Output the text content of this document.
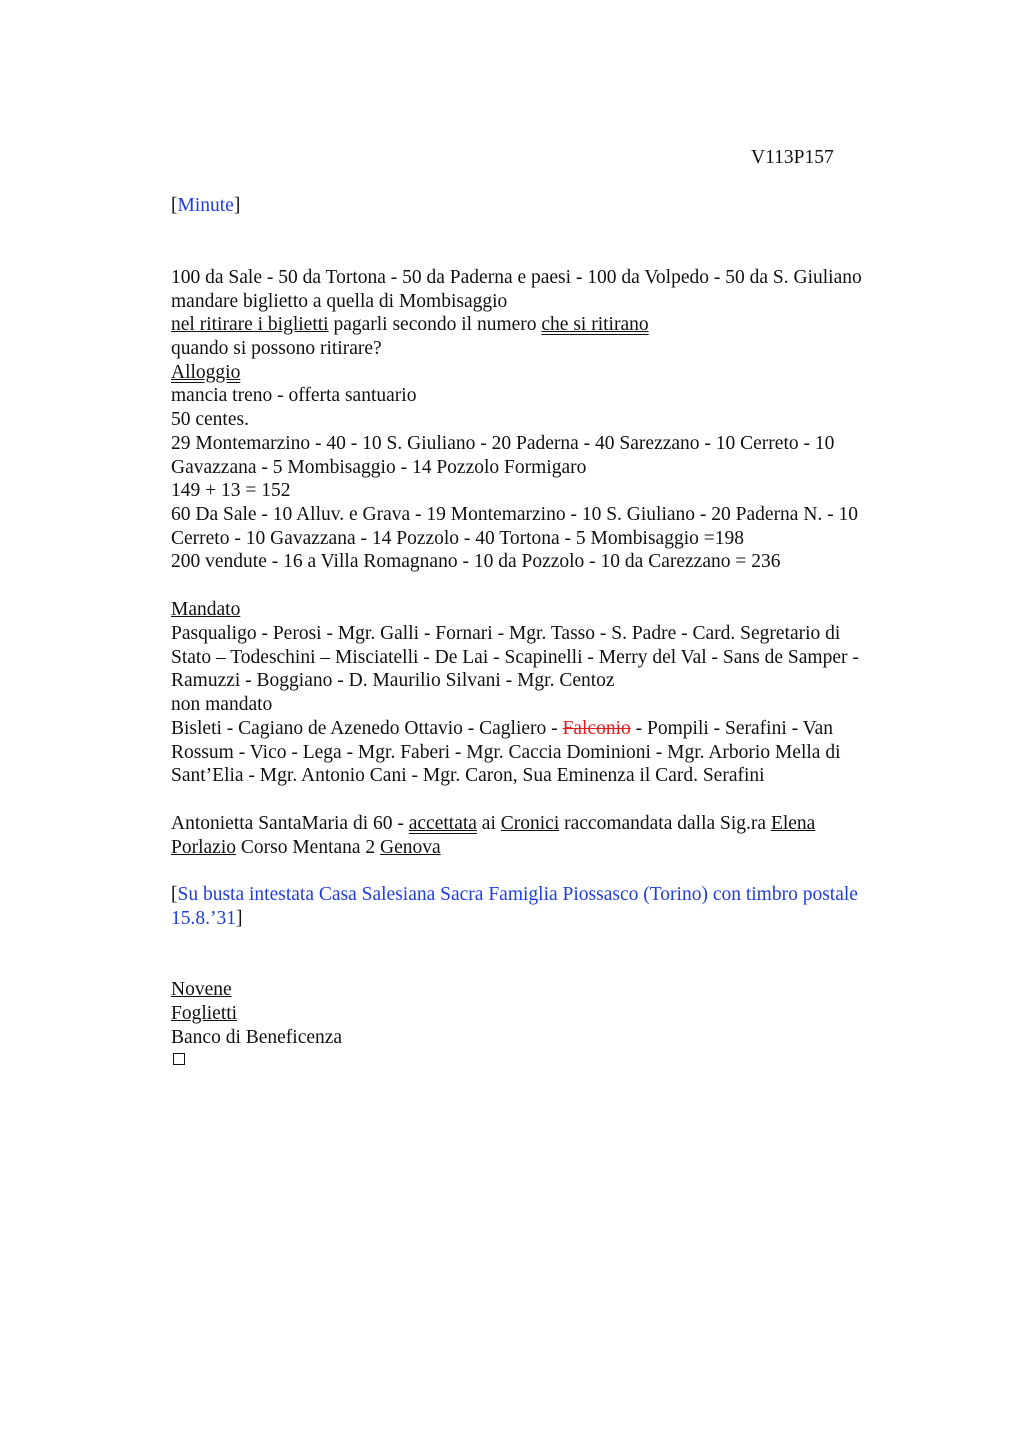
V113P157
[Minute]
100 da Sale - 50 da Tortona - 50 da Paderna e paesi - 100 da Volpedo - 50 da S. Giuliano
mandare biglietto a quella di Mombisaggio
nel ritirare i biglietti pagarli secondo il numero che si ritirano
quando si possono ritirare?
Alloggio
mancia treno - offerta santuario
50 centes.
29 Montemarzino - 40 - 10 S. Giuliano - 20 Paderna - 40 Sarezzano - 10 Cerreto - 10
Gavazzana - 5 Mombisaggio - 14 Pozzolo Formigaro
149 + 13 = 152
60 Da Sale - 10 Alluv. e Grava - 19 Montemarzino - 10 S. Giuliano - 20 Paderna N. - 10
Cerreto - 10 Gavazzana - 14 Pozzolo - 40 Tortona - 5 Mombisaggio =198
200 vendute - 16 a Villa Romagnano - 10 da Pozzolo - 10 da Carezzano = 236
Mandato
Pasqualigo - Perosi - Mgr. Galli - Fornari - Mgr. Tasso - S. Padre - Card. Segretario di
Stato – Todeschini – Misciatelli - De Lai - Scapinelli - Merry del Val - Sans de Samper -
Ramuzzi - Boggiano - D. Maurilio Silvani - Mgr. Centoz
non mandato
Bisleti - Cagiano de Azenedo Ottavio - Cagliero - Falconio - Pompili - Serafini - Van
Rossum - Vico - Lega - Mgr. Faberi - Mgr. Caccia Dominioni - Mgr. Arborio Mella di
Sant’Elia - Mgr. Antonio Cani - Mgr. Caron, Sua Eminenza il Card. Serafini
Antonietta SantaMaria di 60 - accettata ai Cronici raccomandata dalla Sig.ra Elena
Porlazio Corso Mentana 2 Genova
[Su busta intestata Casa Salesiana Sacra Famiglia Piossasco (Torino) con timbro postale
15.8.’31]
Novene
Foglietti
Banco di Beneficenza
